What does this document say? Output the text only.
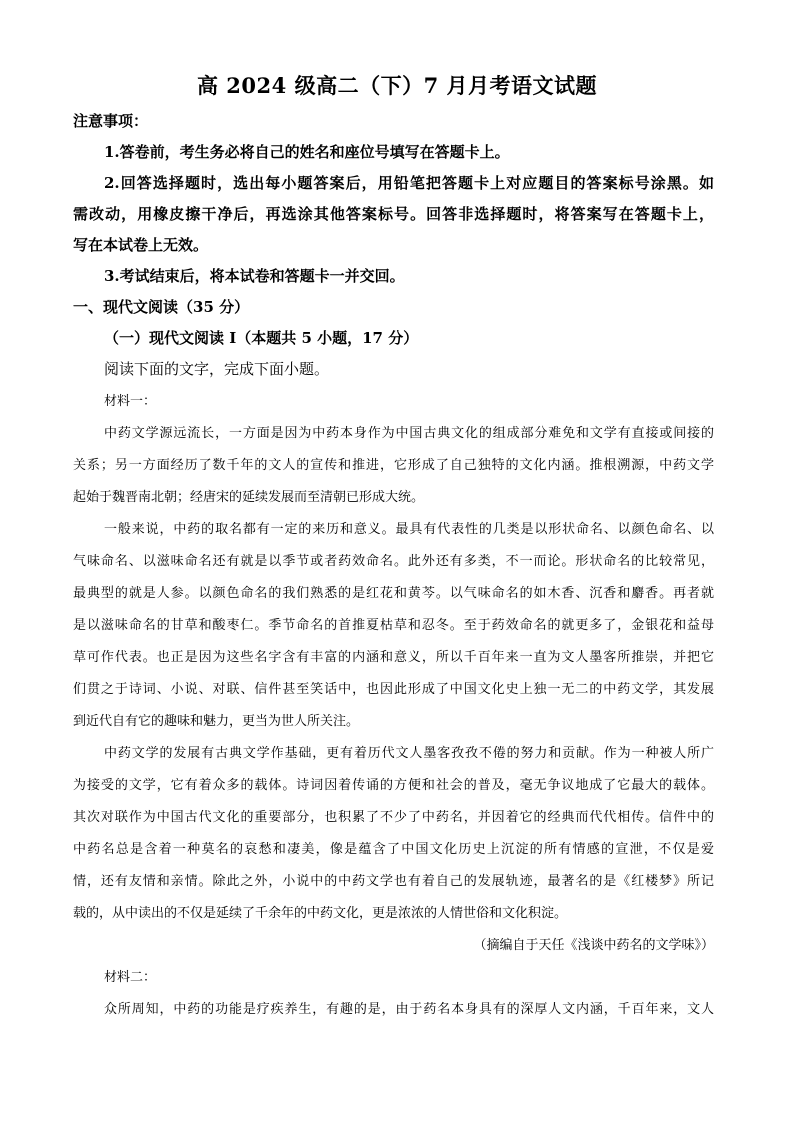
高 2024 级高二（下）7 月月考语文试题
注意事项：
1.答卷前，考生务必将自己的姓名和座位号填写在答题卡上。
2.回答选择题时，选出每小题答案后，用铅笔把答题卡上对应题目的答案标号涂黑。如
需改动，用橡皮擦干净后，再选涂其他答案标号。回答非选择题时，将答案写在答题卡上，
写在本试卷上无效。
3.考试结束后，将本试卷和答题卡一并交回。
一、现代文阅读（35 分）
（一）现代文阅读 I（本题共 5 小题，17 分）
阅读下面的文字，完成下面小题。
材料一：
中药文学源远流长，一方面是因为中药本身作为中国古典文化的组成部分难免和文学有直接或间接的
关系；另一方面经历了数千年的文人的宣传和推进，它形成了自己独特的文化内涵。推根溯源，中药文学
起始于魏晋南北朝；经唐宋的延续发展而至清朝已形成大统。
一般来说，中药的取名都有一定的来历和意义。最具有代表性的几类是以形状命名、以颜色命名、以
气味命名、以滋味命名还有就是以季节或者药效命名。此外还有多类，不一而论。形状命名的比较常见，
最典型的就是人参。以颜色命名的我们熟悉的是红花和黄芩。以气味命名的如木香、沉香和麝香。再者就
是以滋味命名的甘草和酸枣仁。季节命名的首推夏枯草和忍冬。至于药效命名的就更多了，金银花和益母
草可作代表。也正是因为这些名字含有丰富的内涵和意义，所以千百年来一直为文人墨客所推崇，并把它
们贯之于诗词、小说、对联、信件甚至笑话中，也因此形成了中国文化史上独一无二的中药文学，其发展
到近代自有它的趣味和魅力，更当为世人所关注。
中药文学的发展有古典文学作基础，更有着历代文人墨客孜孜不倦的努力和贡献。作为一种被人所广
为接受的文学，它有着众多的载体。诗词因着传诵的方便和社会的普及，毫无争议地成了它最大的载体。
其次对联作为中国古代文化的重要部分，也积累了不少了中药名，并因着它的经典而代代相传。信件中的
中药名总是含着一种莫名的哀愁和凄美，像是蕴含了中国文化历史上沉淀的所有情感的宣泄，不仅是爱
情，还有友情和亲情。除此之外，小说中的中药文学也有着自己的发展轨迹，最著名的是《红楼梦》所记
载的，从中读出的不仅是延续了千余年的中药文化，更是浓浓的人情世俗和文化积淀。
（摘编自于天任《浅谈中药名的文学味》）
材料二：
众所周知，中药的功能是疗疾养生，有趣的是，由于药名本身具有的深厚人文内涵，千百年来，文人
